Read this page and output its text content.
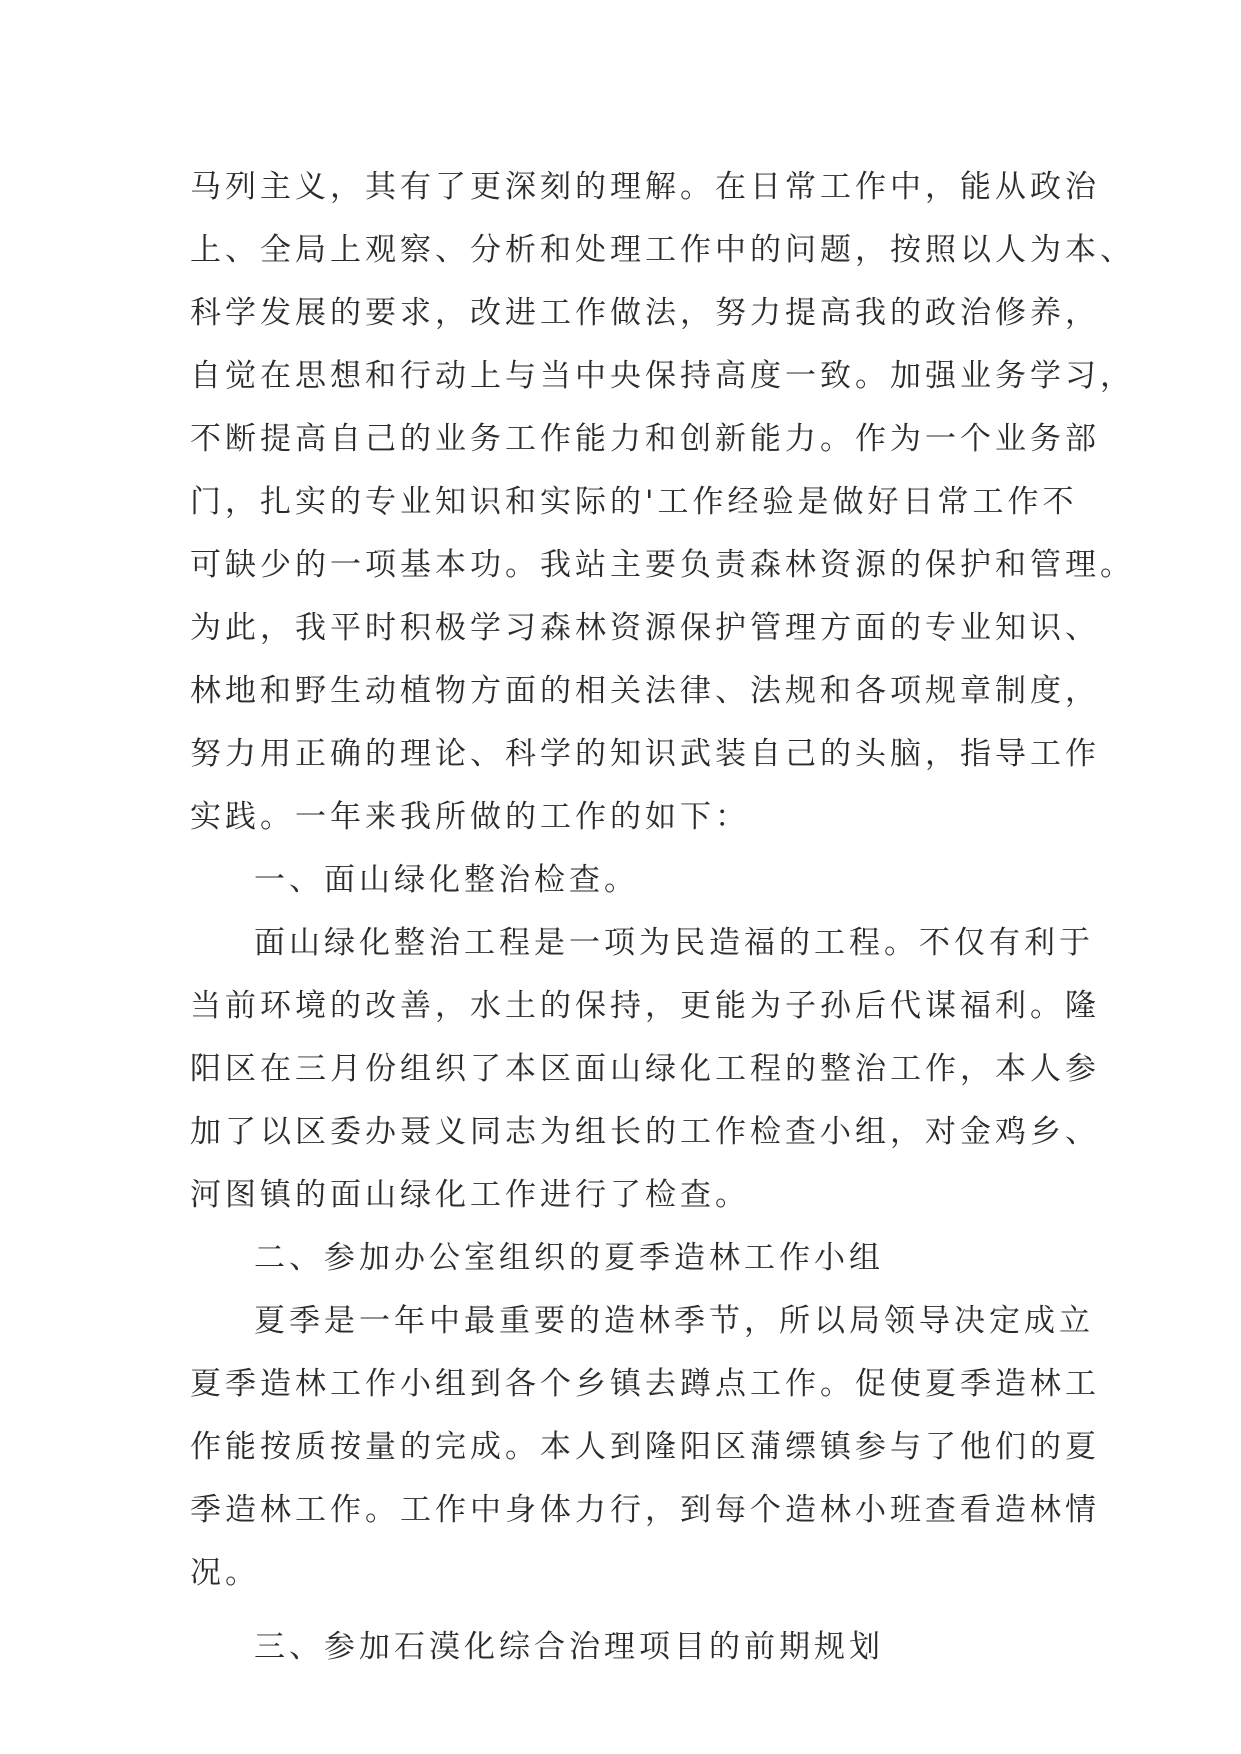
马列主义，其有了更深刻的理解。在日常工作中，能从政治
上、全局上观察、分析和处理工作中的问题，按照以人为本、
科学发展的要求，改进工作做法，努力提高我的政治修养，
自觉在思想和行动上与当中央保持高度一致。加强业务学习，
不断提高自己的业务工作能力和创新能力。作为一个业务部
门，扎实的专业知识和实际的'工作经验是做好日常工作不
可缺少的一项基本功。我站主要负责森林资源的保护和管理。
为此，我平时积极学习森林资源保护管理方面的专业知识、
林地和野生动植物方面的相关法律、法规和各项规章制度，
努力用正确的理论、科学的知识武装自己的头脑，指导工作
实践。一年来我所做的工作的如下：
一、面山绿化整治检查。
面山绿化整治工程是一项为民造福的工程。不仅有利于
当前环境的改善，水土的保持，更能为子孙后代谋福利。隆
阳区在三月份组织了本区面山绿化工程的整治工作，本人参
加了以区委办聂义同志为组长的工作检查小组，对金鸡乡、
河图镇的面山绿化工作进行了检查。
二、参加办公室组织的夏季造林工作小组
夏季是一年中最重要的造林季节，所以局领导决定成立
夏季造林工作小组到各个乡镇去蹲点工作。促使夏季造林工
作能按质按量的完成。本人到隆阳区蒲缥镇参与了他们的夏
季造林工作。工作中身体力行，到每个造林小班查看造林情
况。
三、参加石漠化综合治理项目的前期规划
